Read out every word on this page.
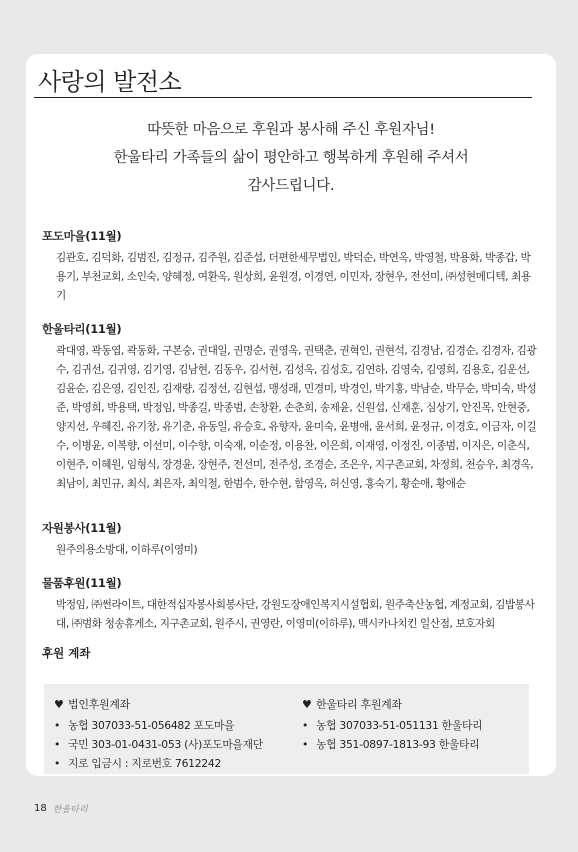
사랑의 발전소
따뜻한 마음으로 후원과 봉사해 주신 후원자님!
한울타리 가족들의 삶이 평안하고 행복하게 후원해 주셔서
감사드립니다.
포도마을(11월)

김관호, 김덕화, 김범진, 김정규, 김주원, 김준섭, 더편한세무법인, 박덕순, 박연옥, 박영철, 박용화, 박종갑, 박용기, 부천교회, 소인숙, 양혜정, 여환옥, 원상희, 윤원경, 이경연, 이민자, 장현우, 전선미, ㈜성현메디텍, 최용기

한울타리(11월)

곽대영, 곽동엽, 곽동화, 구본숭, 권대일, 권명순, 권영옥, 권택춘, 권혁인, 권현석, 김경남, 김경순, 김경자, 김광수, 김귀선, 김귀영, 김기영, 김남현, 김동우, 김서현, 김성옥, 김성호, 김연하, 김영숙, 김영희, 김용호, 김운선, 김윤순, 김은영, 김인진, 김재량, 김정선, 김현섭, 맹성래, 민경미, 박경인, 박기홍, 박남순, 박무순, 박미숙, 박성준, 박영희, 박용택, 박정임, 박종길, 박종범, 손창환, 손춘희, 송제윤, 신원섭, 신재훈, 심상기, 안진목, 안현중, 양지선, 우혜진, 유기창, 유기춘, 유동일, 유승호, 유향자, 윤미숙, 윤병애, 윤서희, 윤정규, 이경호, 이금자, 이길수, 이병윤, 이복향, 이선미, 이수향, 이숙재, 이순정, 이용찬, 이은희, 이재영, 이정진, 이종범, 이지은, 이춘식, 이현주, 이혜원, 임형식, 장경윤, 장현주, 전선미, 전주성, 조경순, 조은우, 지구촌교회, 차정희, 천승우, 최경옥, 최남이, 최민규, 최식, 최은자, 최익철, 한범수, 한수현, 함영옥, 허신영, 홍숙기, 황순애, 황애순

자원봉사(11월)

원주의용소방대, 이하루(이영미)

물품후원(11월)

박정임, ㈜썬라이트, 대한적십자봉사회봉사단, 강원도장애인복지시설협회, 원주축산농협, 계정교회, 김밥봉사대, ㈜범화 청송휴게소, 지구촌교회, 원주시, 권영란, 이영미(이하루), 맥시카나치킨 일산점, 보호자회

후원 계좌
♥ 법인후원계좌
• 농협 307033-51-056482 포도마을
• 국민 303-01-0431-053 (사)포도마을재단
• 지로 입금시 : 지로번호 7612242
♥ 한울타리 후원계좌
• 농협 307033-51-051131 한울타리
• 농협 351-0897-1813-93 한울타리
18 한울타리
